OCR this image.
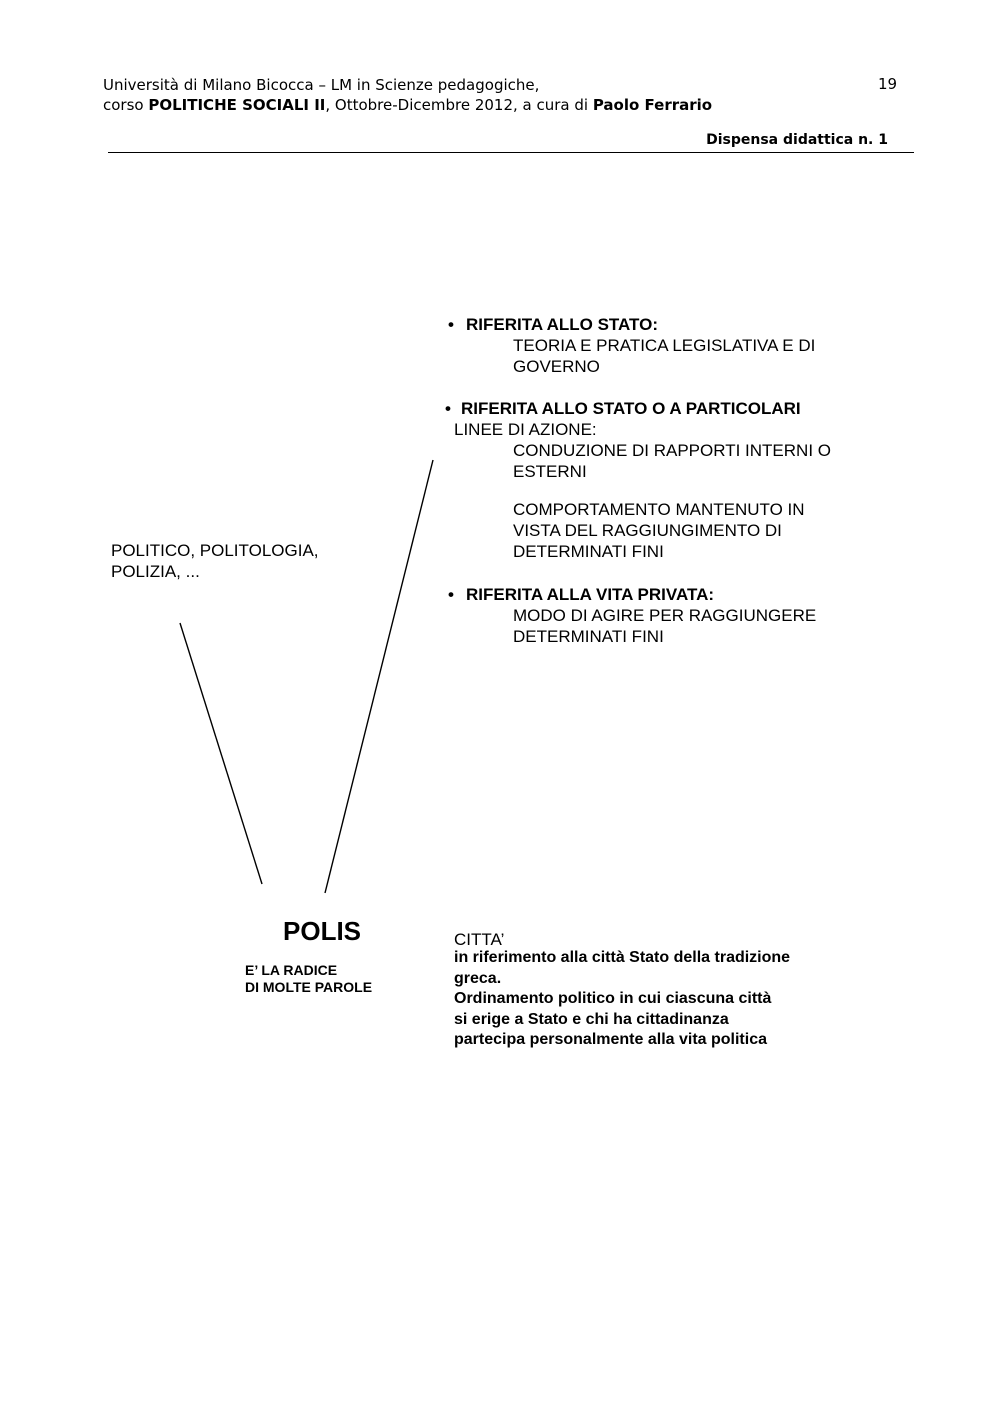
Università di Milano Bicocca – LM in Scienze pedagogiche,
corso POLITICHE SOCIALI II, Ottobre-Dicembre 2012, a cura di Paolo Ferrario
19
Dispensa didattica n. 1
• RIFERITA ALLO STATO:
TEORIA E PRATICA LEGISLATIVA E DI
GOVERNO
• RIFERITA ALLO STATO O A PARTICOLARI
LINEE DI AZIONE:
CONDUZIONE DI RAPPORTI INTERNI O
ESTERNI
COMPORTAMENTO MANTENUTO IN
VISTA DEL RAGGIUNGIMENTO DI
DETERMINATI FINI
• RIFERITA ALLA VITA PRIVATA:
MODO DI AGIRE PER RAGGIUNGERE
DETERMINATI FINI
POLITICO, POLITOLOGIA,
POLIZIA, ...
POLIS
E’ LA RADICE
DI MOLTE PAROLE
CITTA’
in riferimento alla città Stato della tradizione
greca.
Ordinamento politico in cui ciascuna città
si erige a Stato e chi ha cittadinanza
partecipa personalmente alla vita politica
